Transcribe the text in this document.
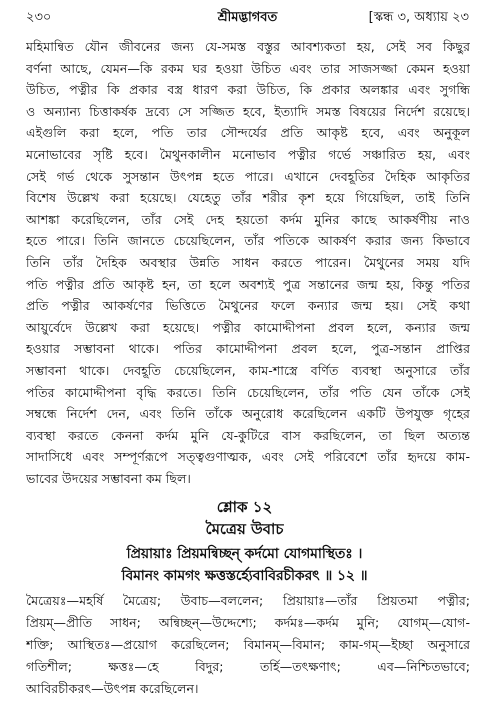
২৩০	শ্রীমদ্ভাগবত	[স্কন্ধ ৩, অধ্যায় ২৩
মহিমান্বিত যৌন জীবনের জন্য যে-সমস্ত বস্তুর আবশ্যকতা হয়, সেই সব কিছুর
বর্ণনা আছে, যেমন—কি রকম ঘর হওয়া উচিত এবং তার সাজসজ্জা কেমন হওয়া
উচিত, পত্নীর কি প্রকার বস্ত্র ধারণ করা উচিত, কি প্রকার অলঙ্কার এবং সুগন্ধি
ও অন্যান্য চিত্তাকর্ষক দ্রব্যে সে সজ্জিত হবে, ইত্যাদি সমস্ত বিষয়ের নির্দেশ রয়েছে।
এইগুলি করা হলে, পতি তার সৌন্দর্যের প্রতি আকৃষ্ট হবে, এবং অনুকূল
মনোভাবের সৃষ্টি হবে। মৈথুনকালীন মনোভাব পত্নীর গর্ভে সঞ্চারিত হয়, এবং
সেই গর্ভ থেকে সুসন্তান উৎপন্ন হতে পারে। এখানে দেবহূতির দৈহিক আকৃতির
বিশেষ উল্লেখ করা হয়েছে। যেহেতু তাঁর শরীর কৃশ হয়ে গিয়েছিল, তাই তিনি
আশঙ্কা করেছিলেন, তাঁর সেই দেহ হয়তো কর্দম মুনির কাছে আকর্ষণীয় নাও
হতে পারে। তিনি জানতে চেয়েছিলেন, তাঁর পতিকে আকর্ষণ করার জন্য কিভাবে
তিনি তাঁর দৈহিক অবস্থার উন্নতি সাধন করতে পারেন। মৈথুনের সময় যদি
পতি পত্নীর প্রতি আকৃষ্ট হন, তা হলে অবশ্যই পুত্র সন্তানের জন্ম হয়, কিন্তু পতির
প্রতি পত্নীর আকর্ষণের ভিত্তিতে মৈথুনের ফলে কন্যার জন্ম হয়। সেই কথা
আয়ুর্বেদে উল্লেখ করা হয়েছে। পত্নীর কামোদ্দীপনা প্রবল হলে, কন্যার জন্ম
হওয়ার সম্ভাবনা থাকে। পতির কামোদ্দীপনা প্রবল হলে, পুত্র-সন্তান প্রাপ্তির
সম্ভাবনা থাকে। দেবহূতি চেয়েছিলেন, কাম-শাস্ত্রে বর্ণিত ব্যবস্থা অনুসারে তাঁর
পতির কামোদ্দীপনা বৃদ্ধি করতে। তিনি চেয়েছিলেন, তাঁর পতি যেন তাঁকে সেই
সম্বন্ধে নির্দেশ দেন, এবং তিনি তাঁকে অনুরোধ করেছিলেন একটি উপযুক্ত গৃহের
ব্যবস্থা করতে কেননা কর্দম মুনি যে-কুটিরে বাস করছিলেন, তা ছিল অত্যন্ত
সাদাসিধে এবং সম্পূর্ণরূপে সত্ত্বগুণাত্মক, এবং সেই পরিবেশে তাঁর হৃদয়ে কাম-
ভাবের উদয়ের সম্ভাবনা কম ছিল।
শ্লোক ১২
মৈত্রেয় উবাচ
প্রিয়ায়াঃ প্রিয়মন্বিচ্ছন্ কর্দমো যোগমাস্থিতঃ ।
বিমানং কামগং ক্ষত্তস্তর্হ্যেবাবিরচীকরৎ ॥ ১২ ॥
মৈত্রেয়ঃ—মহর্ষি মৈত্রেয়; উবাচ—বললেন; প্রিয়ায়াঃ—তাঁর প্রিয়তমা পত্নীর;
প্রিয়ম্—প্রীতি সাধন; অন্বিচ্ছন্—উদ্দেশ্যে; কর্দমঃ—কর্দম মুনি; যোগম্—যোগ-
শক্তি; আস্থিতঃ—প্রয়োগ করেছিলেন; বিমানম্—বিমান; কাম-গম্—ইচ্ছা অনুসারে
গতিশীল; ক্ষত্তঃ—হে বিদুর; তর্হি—তৎক্ষণাৎ; এব—নিশ্চিতভাবে;
আবিরচীকরৎ—উৎপন্ন করেছিলেন।
